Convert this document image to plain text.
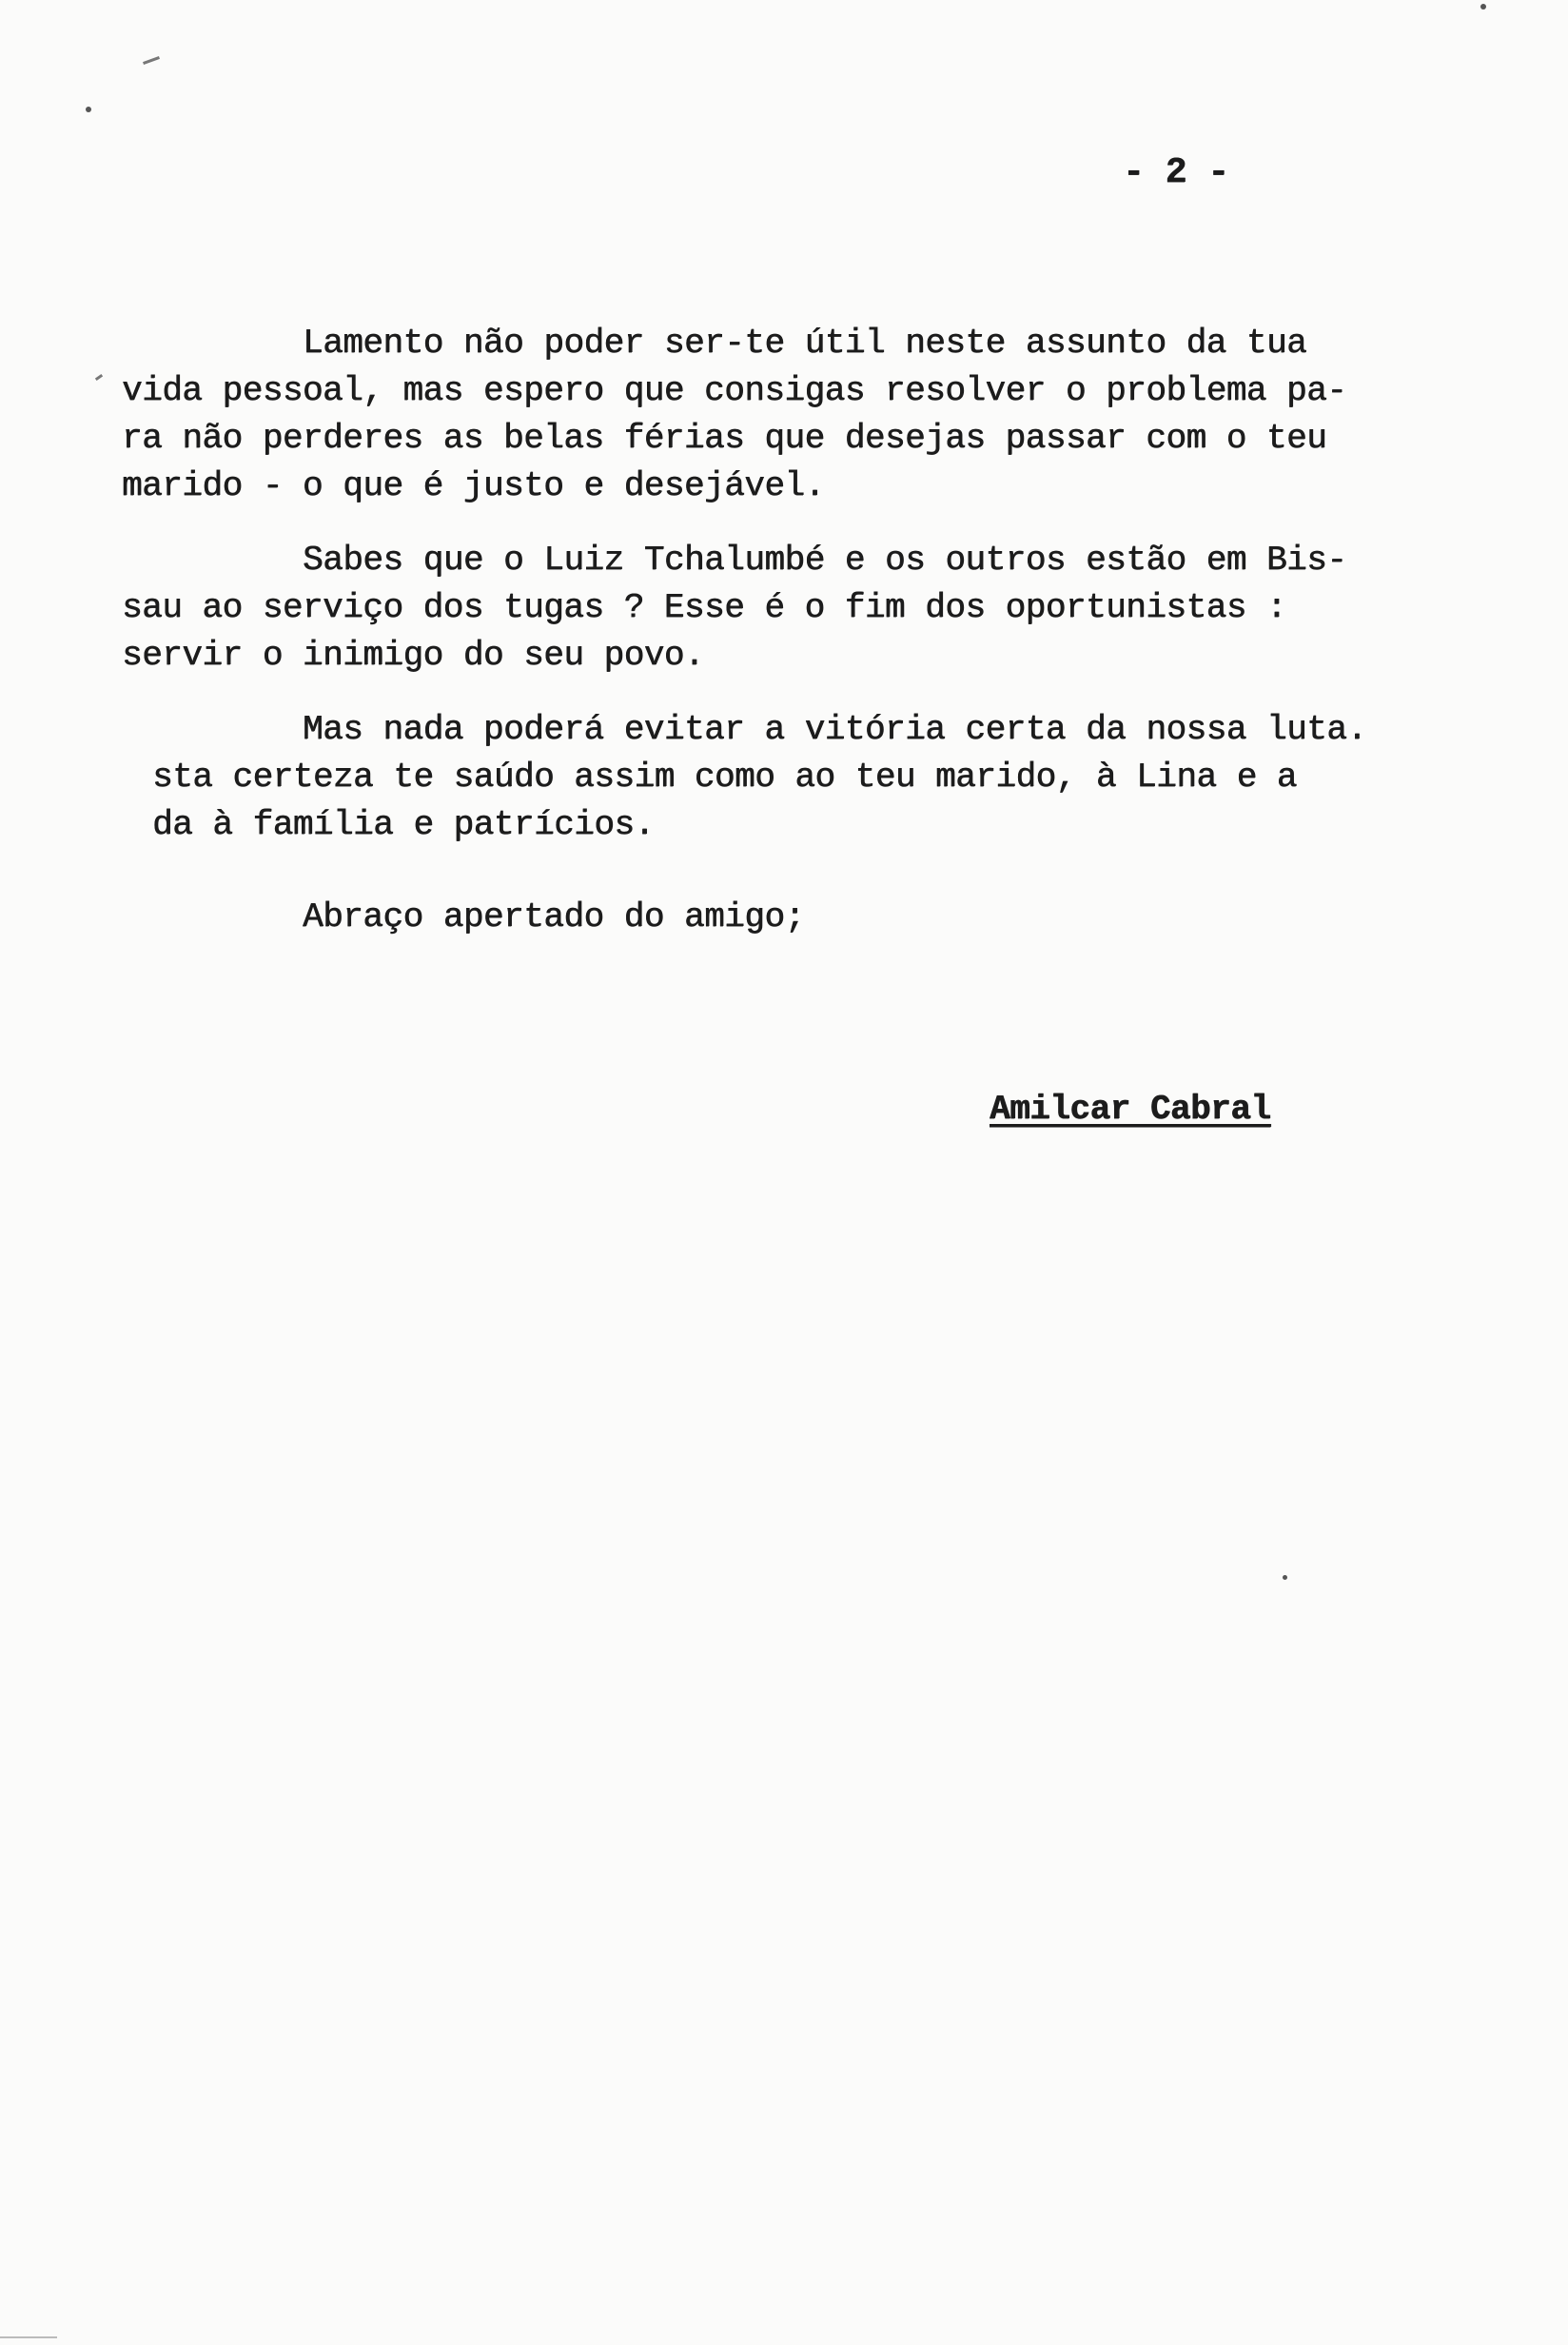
- 2 -
Lamento não poder ser-te útil neste assunto da tua
vida pessoal, mas espero que consigas resolver o problema pa-
ra não perderes as belas férias que desejas passar com o teu
marido - o que é justo e desejável.
Sabes que o Luiz Tchalumbé e os outros estão em Bis-
sau ao serviço dos tugas ? Esse é o fim dos oportunistas :
servir o inimigo do seu povo.
Mas nada poderá evitar a vitória certa da nossa luta.
sta certeza te saúdo assim como ao teu marido, à Lina e a
da à família e patrícios.
Abraço apertado do amigo;
Amilcar Cabral
